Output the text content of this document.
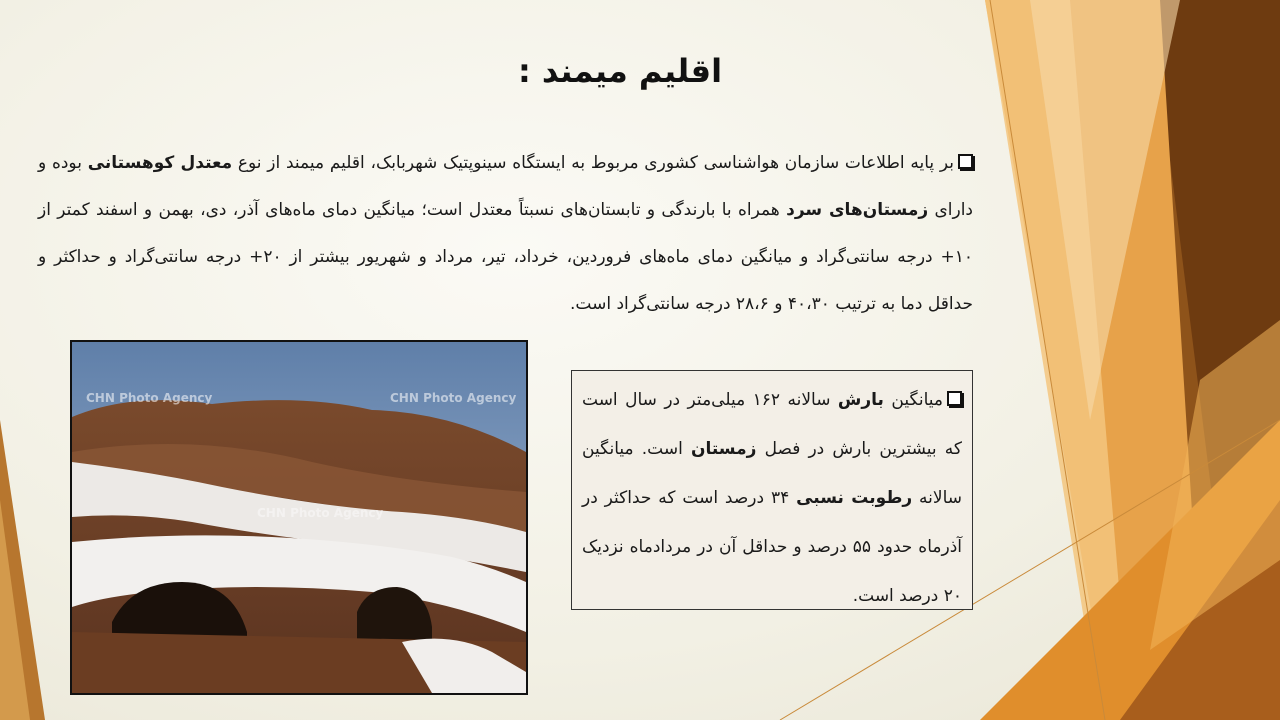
اقلیم میمند :
بر پایه اطلاعات سازمان هواشناسی کشوری مربوط به ایستگاه سینوپتیک شهربابک، اقلیم میمند از نوع معتدل کوهستانی بوده و دارای زمستان‌های سرد همراه با بارندگی و تابستان‌های نسبتاً معتدل است؛ میانگین دمای ماه‌های آذر، دی، بهمن و اسفند کمتر از ۱۰+ درجه سانتی‌گراد و میانگین دمای ماه‌های فروردین، خرداد، تیر، مرداد و شهریور بیشتر از ۲۰+ درجه سانتی‌گراد و حداکثر و حداقل دما به ترتیب ۴۰،۳۰ و ۲۸،۶ درجه سانتی‌گراد است.
CHN Photo Agency	CHN Photo Agency
CHN Photo Agency
میانگین بارش سالانه ۱۶۲ میلی‌متر در سال است که بیشترین بارش در فصل زمستان است. میانگین سالانه رطوبت نسبی ۳۴ درصد است که حداکثر در آذرماه حدود ۵۵ درصد و حداقل آن در مردادماه نزدیک ۲۰ درصد است.
